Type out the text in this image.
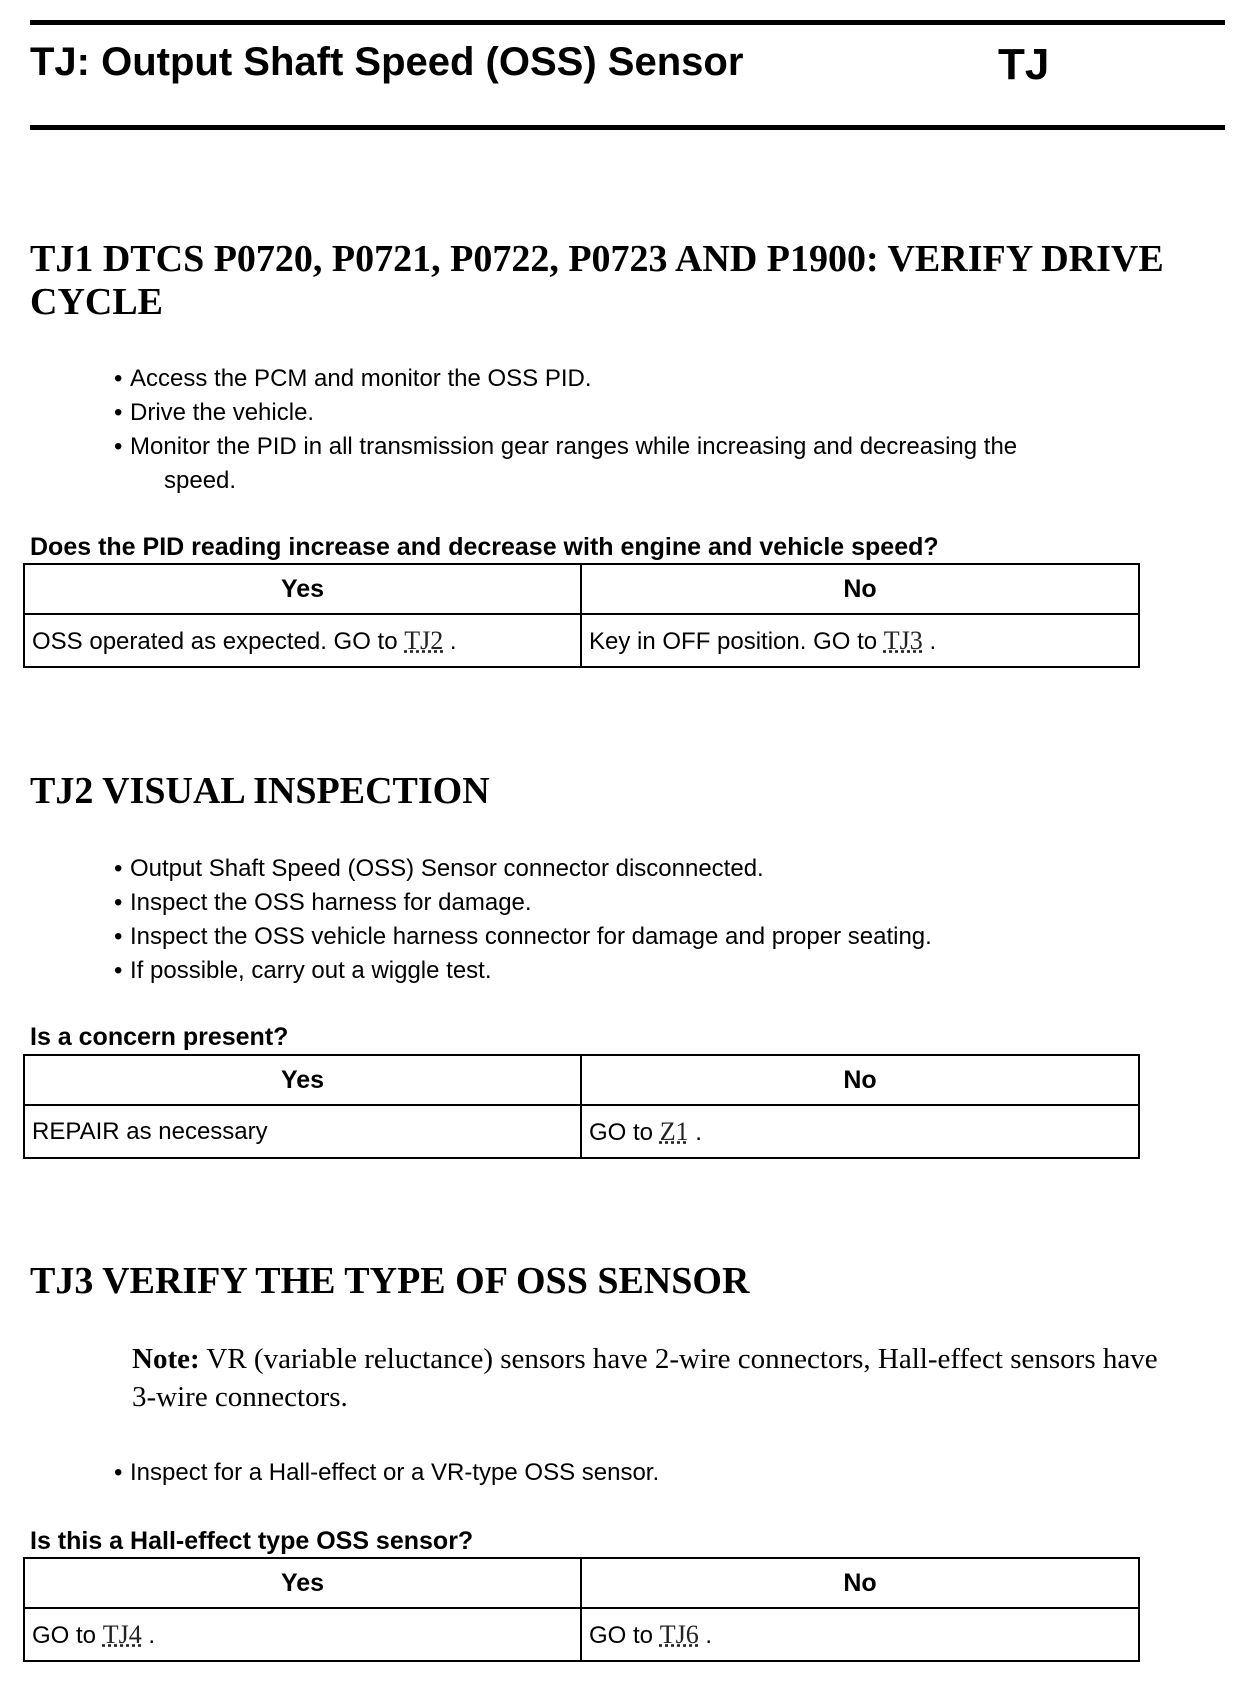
TJ: Output Shaft Speed (OSS) Sensor	TJ
TJ1 DTCS P0720, P0721, P0722, P0723 AND P1900: VERIFY DRIVE CYCLE
• Access the PCM and monitor the OSS PID.
• Drive the vehicle.
• Monitor the PID in all transmission gear ranges while increasing and decreasing the
speed.
Does the PID reading increase and decrease with engine and vehicle speed?
Yes	No
OSS operated as expected. GO to TJ2 .	Key in OFF position. GO to TJ3 .
TJ2 VISUAL INSPECTION
• Output Shaft Speed (OSS) Sensor connector disconnected.
• Inspect the OSS harness for damage.
• Inspect the OSS vehicle harness connector for damage and proper seating.
• If possible, carry out a wiggle test.
Is a concern present?
Yes	No
REPAIR as necessary	GO to Z1 .
TJ3 VERIFY THE TYPE OF OSS SENSOR
Note: VR (variable reluctance) sensors have 2-wire connectors, Hall-effect sensors have 3-wire connectors.
• Inspect for a Hall-effect or a VR-type OSS sensor.
Is this a Hall-effect type OSS sensor?
Yes	No
GO to TJ4 .	GO to TJ6 .
